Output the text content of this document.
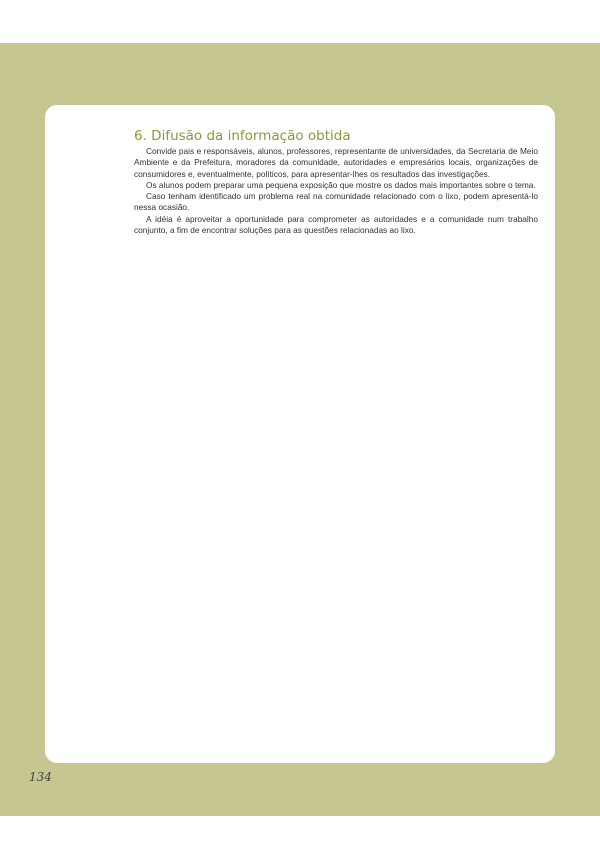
6. Difusão da informação obtida

Convide pais e responsáveis, alunos, professores, representante de universidades, da Secretaria de Meio Ambiente e da Prefeitura, moradores da comunidade, autoridades e empresários locais, organizações de consumidores e, eventualmente, políticos, para apresentar-lhes os resultados das investigações.

Os alunos podem preparar uma pequena exposição que mostre os dados mais importantes sobre o tema.

Caso tenham identificado um problema real na comunidade relacionado com o lixo, podem apresentá-lo nessa ocasião.

A idéia é aproveitar a oportunidade para comprometer as autoridades e a comunidade num trabalho conjunto, a fim de encontrar soluções para as questões relacionadas ao lixo.

134
